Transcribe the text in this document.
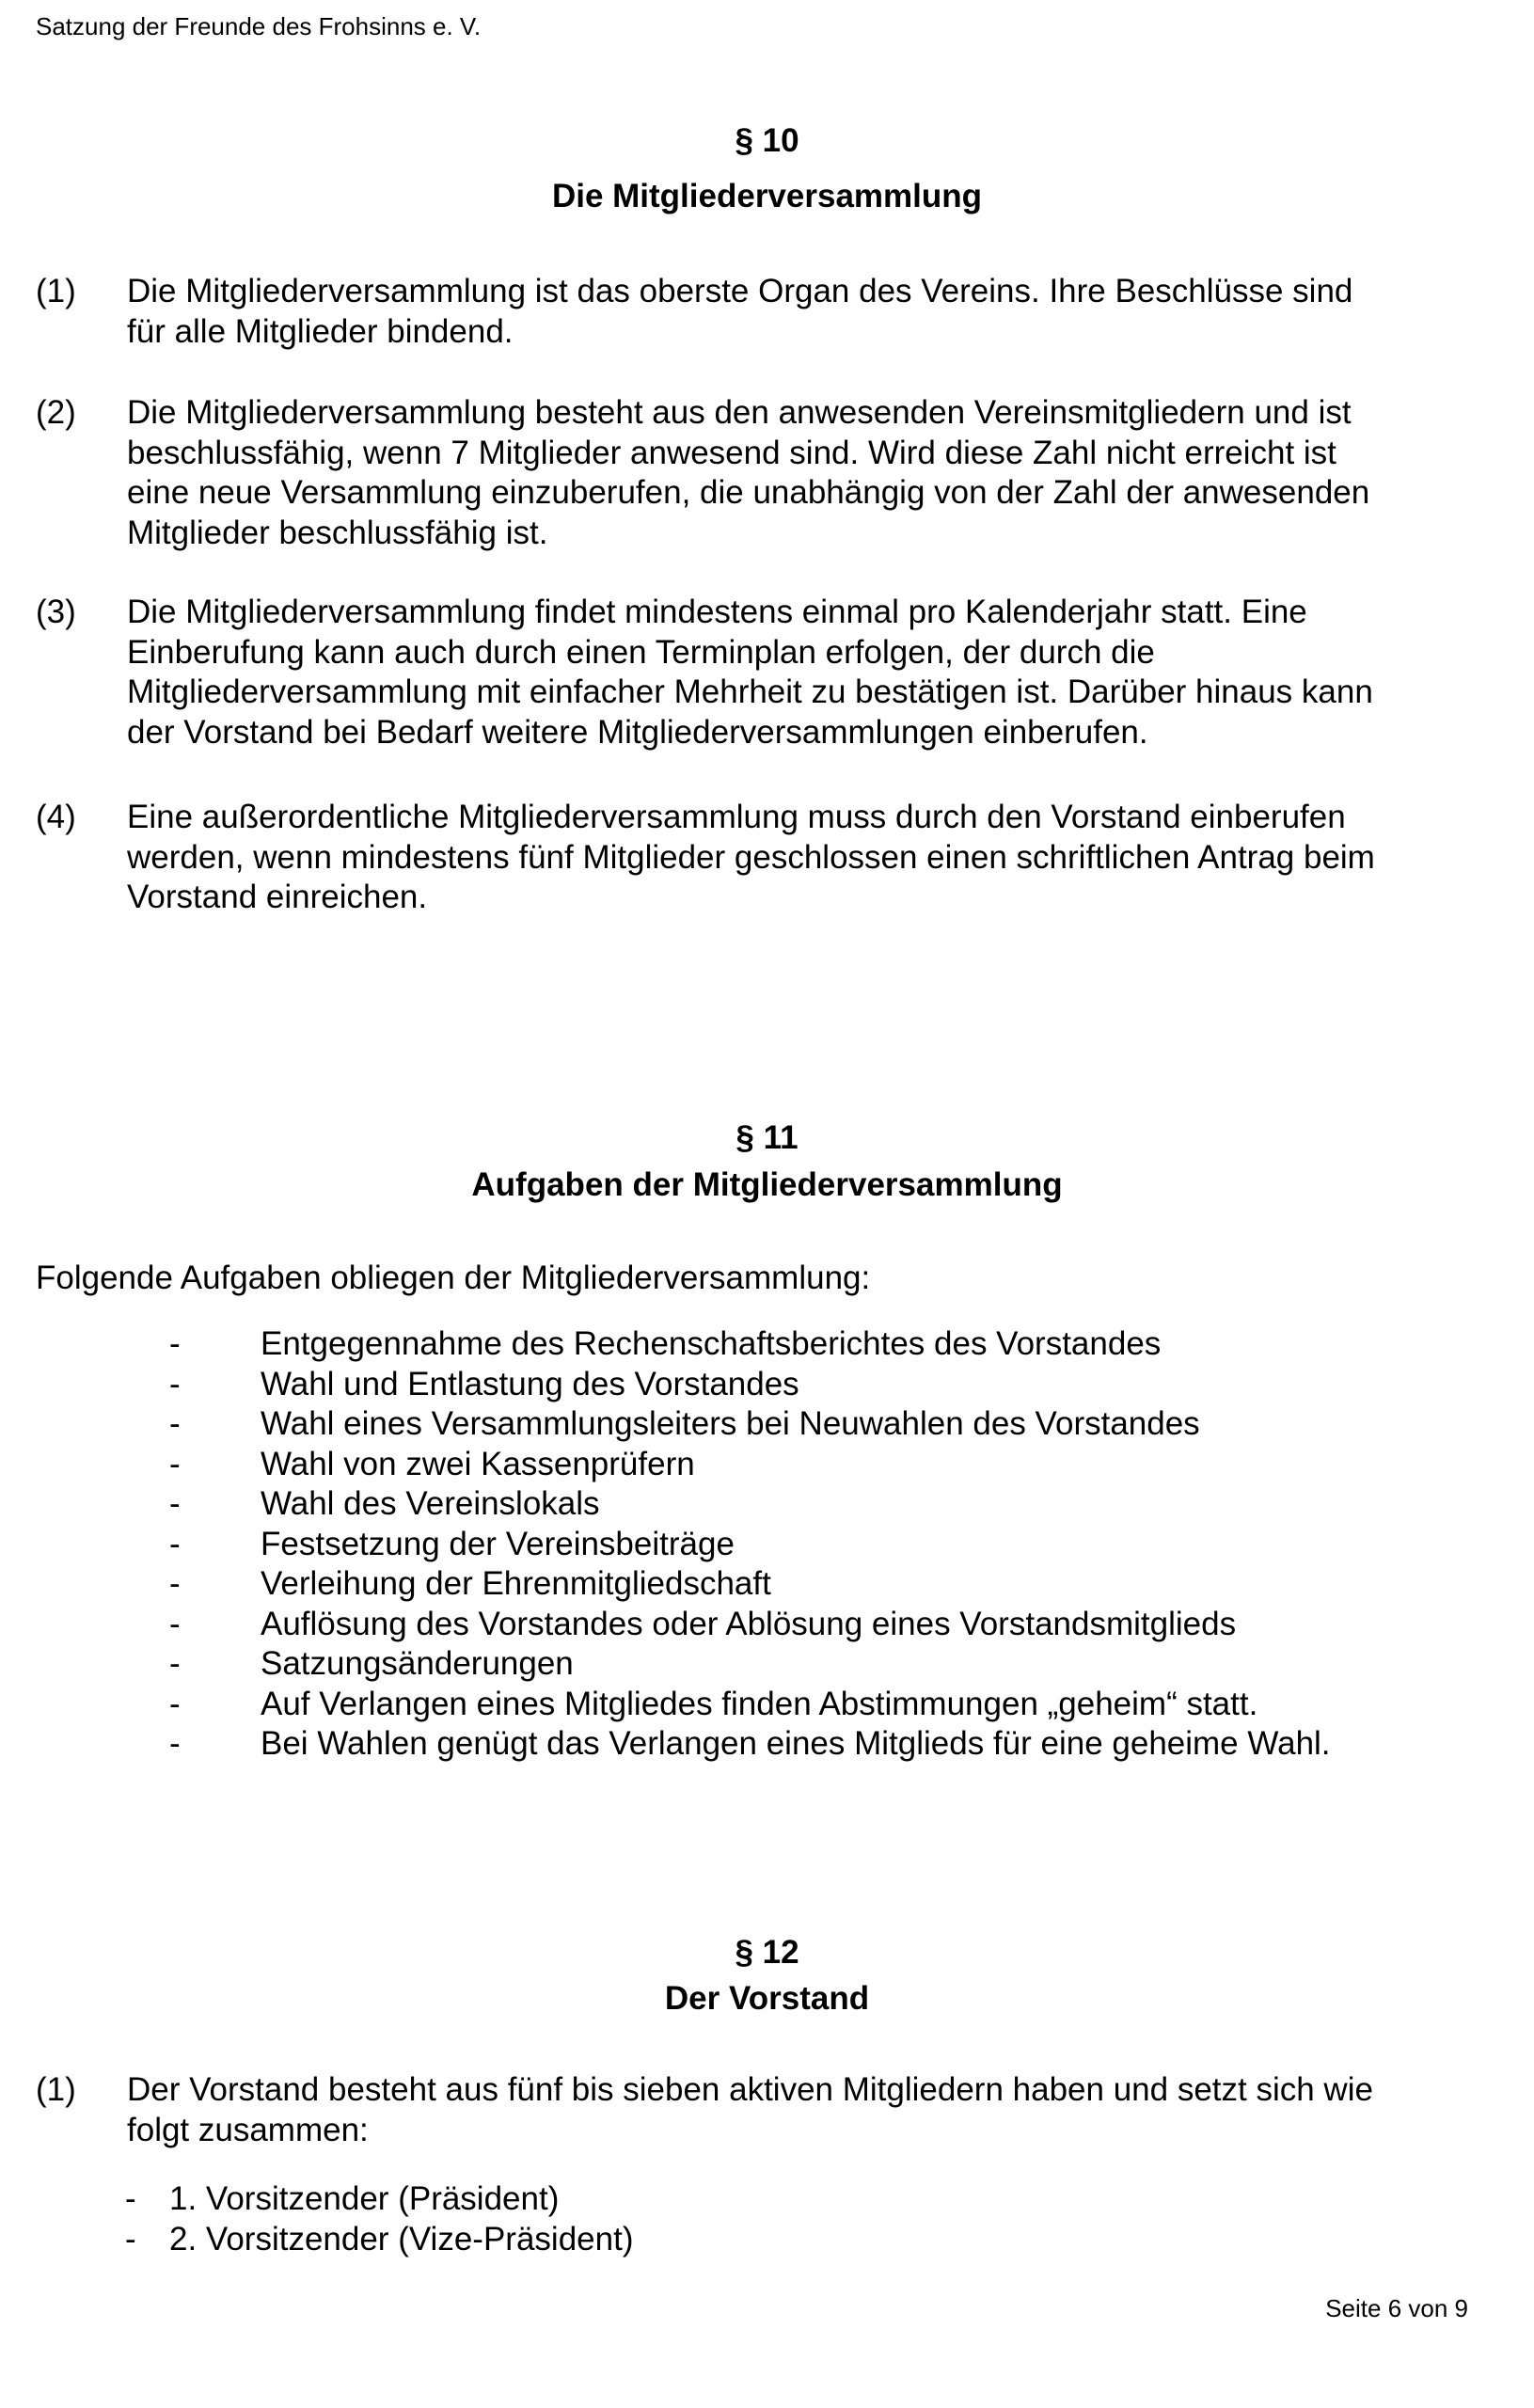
Satzung der Freunde des Frohsinns e. V.
§ 10
Die Mitgliederversammlung
(1) Die Mitgliederversammlung ist das oberste Organ des Vereins. Ihre Beschlüsse sind
für alle Mitglieder bindend.
(2) Die Mitgliederversammlung besteht aus den anwesenden Vereinsmitgliedern und ist
beschlussfähig, wenn 7 Mitglieder anwesend sind. Wird diese Zahl nicht erreicht ist
eine neue Versammlung einzuberufen, die unabhängig von der Zahl der anwesenden
Mitglieder beschlussfähig ist.
(3) Die Mitgliederversammlung findet mindestens einmal pro Kalenderjahr statt. Eine
Einberufung kann auch durch einen Terminplan erfolgen, der durch die
Mitgliederversammlung mit einfacher Mehrheit zu bestätigen ist. Darüber hinaus kann
der Vorstand bei Bedarf weitere Mitgliederversammlungen einberufen.
(4) Eine außerordentliche Mitgliederversammlung muss durch den Vorstand einberufen
werden, wenn mindestens fünf Mitglieder geschlossen einen schriftlichen Antrag beim
Vorstand einreichen.
§ 11
Aufgaben der Mitgliederversammlung
Folgende Aufgaben obliegen der Mitgliederversammlung:
- Entgegennahme des Rechenschaftsberichtes des Vorstandes
- Wahl und Entlastung des Vorstandes
- Wahl eines Versammlungsleiters bei Neuwahlen des Vorstandes
- Wahl von zwei Kassenprüfern
- Wahl des Vereinslokals
- Festsetzung der Vereinsbeiträge
- Verleihung der Ehrenmitgliedschaft
- Auflösung des Vorstandes oder Ablösung eines Vorstandsmitglieds
- Satzungsänderungen
- Auf Verlangen eines Mitgliedes finden Abstimmungen „geheim“ statt.
- Bei Wahlen genügt das Verlangen eines Mitglieds für eine geheime Wahl.
§ 12
Der Vorstand
(1) Der Vorstand besteht aus fünf bis sieben aktiven Mitgliedern haben und setzt sich wie
folgt zusammen:
- 1. Vorsitzender (Präsident)
- 2. Vorsitzender (Vize-Präsident)
Seite 6 von 9
